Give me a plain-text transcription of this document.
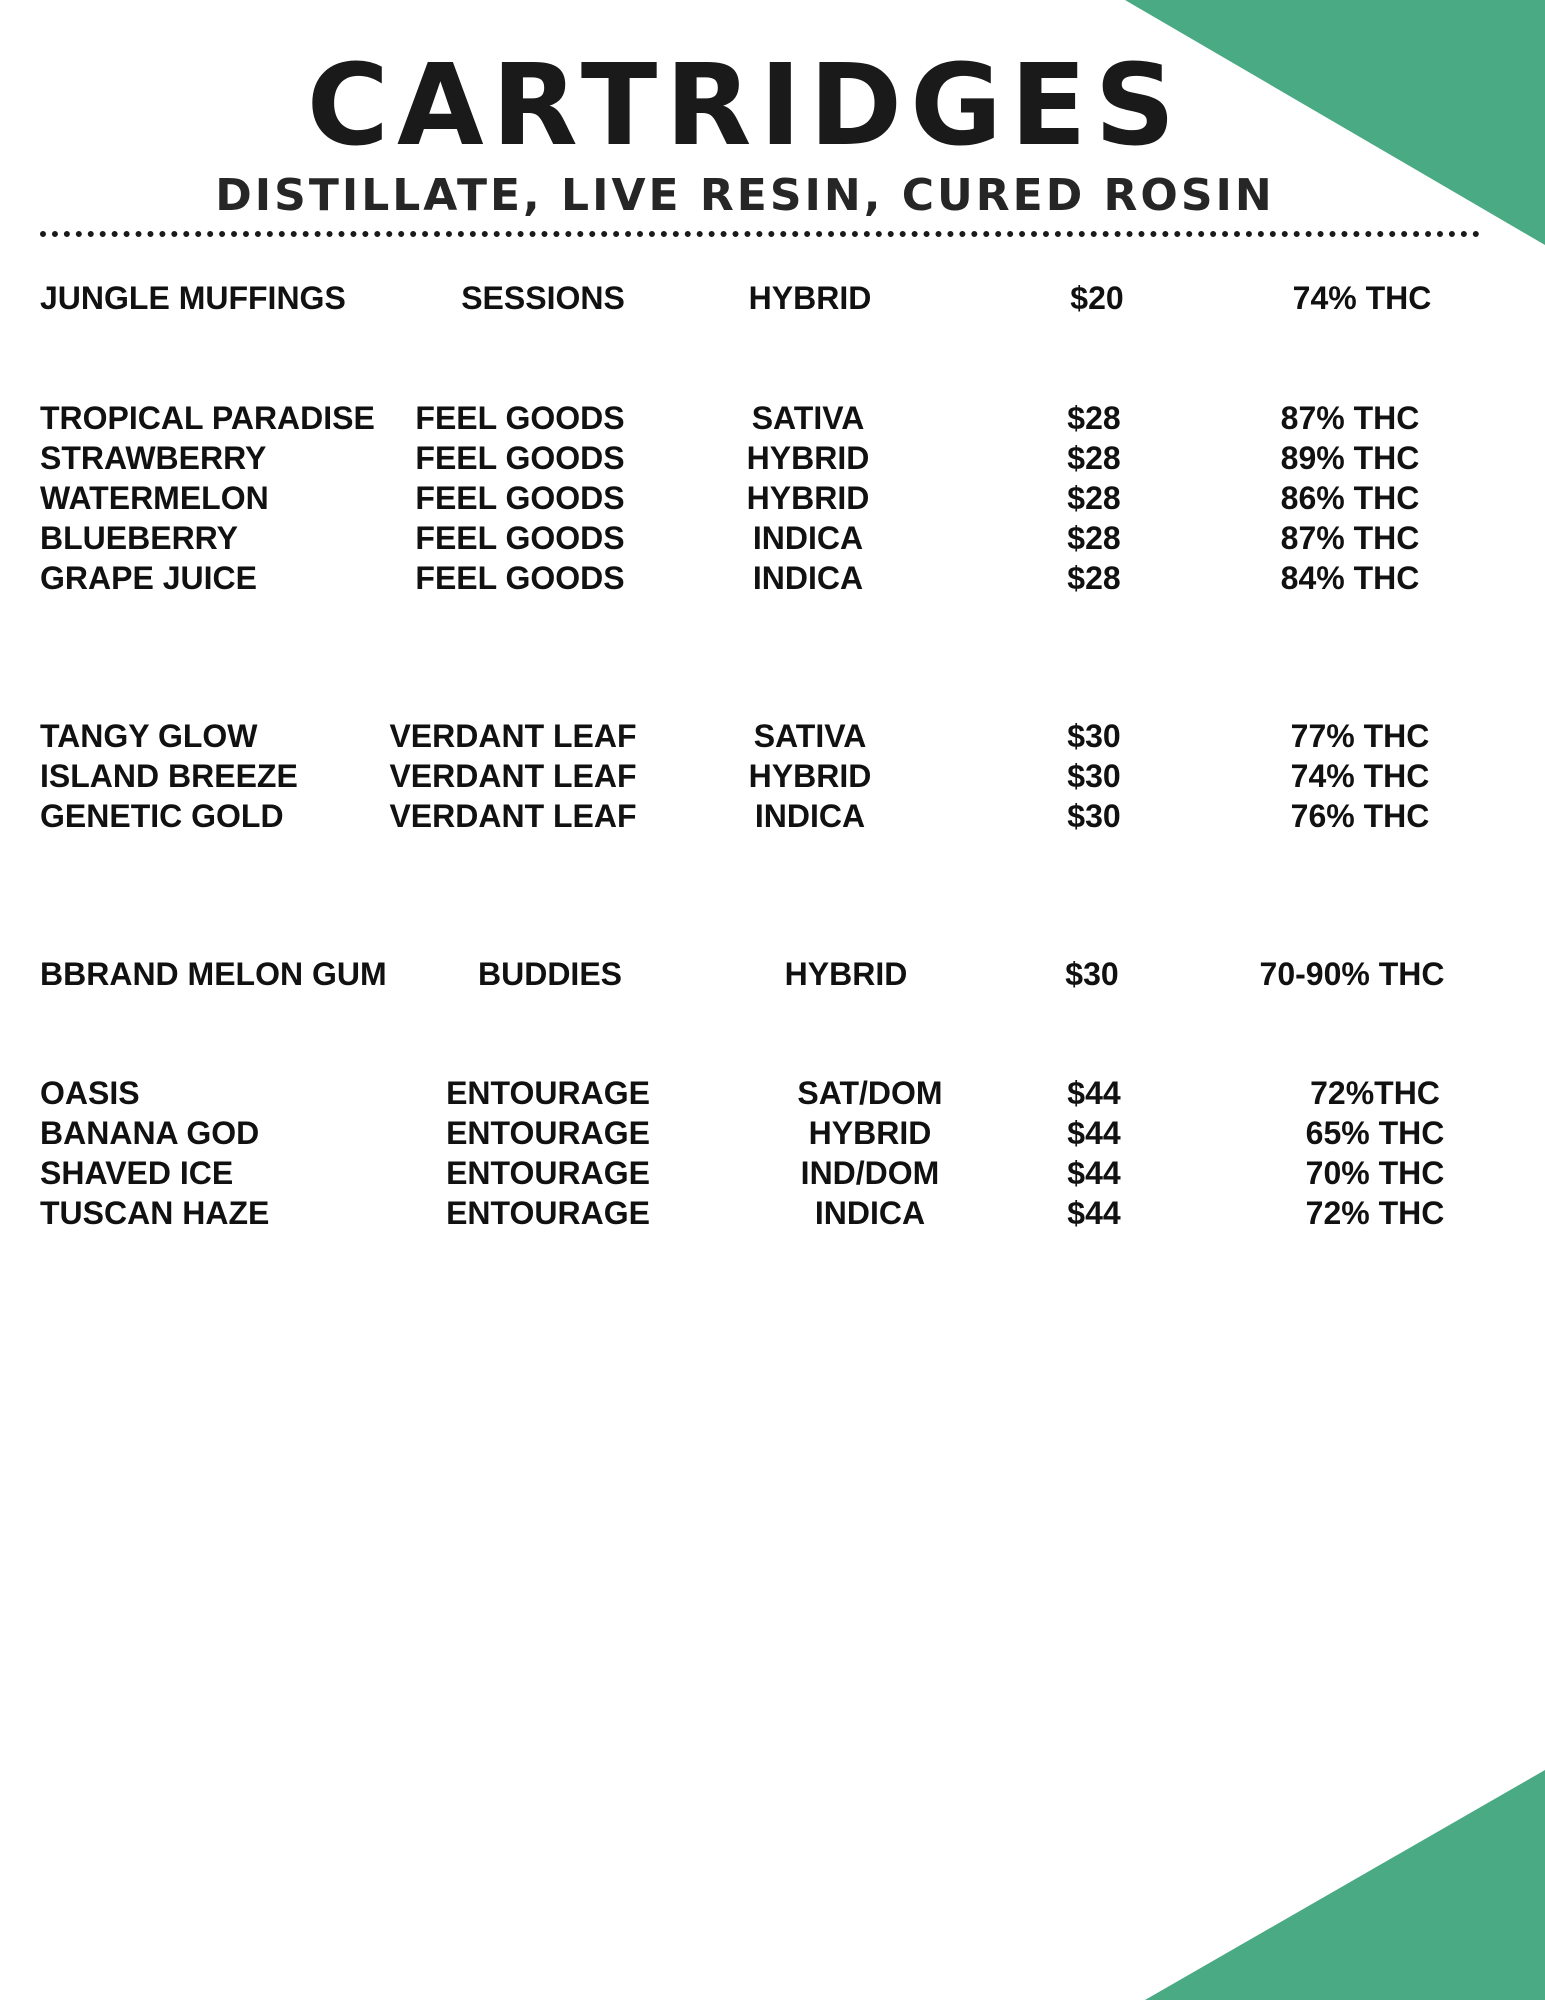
CARTRIDGES
DISTILLATE, LIVE RESIN, CURED ROSIN
JUNGLE MUFFINGS	SESSIONS	HYBRID	$20	74% THC
TROPICAL PARADISE	FEEL GOODS	SATIVA	$28	87% THC
STRAWBERRY	FEEL GOODS	HYBRID	$28	89% THC
WATERMELON	FEEL GOODS	HYBRID	$28	86% THC
BLUEBERRY	FEEL GOODS	INDICA	$28	87% THC
GRAPE JUICE	FEEL GOODS	INDICA	$28	84% THC
TANGY GLOW	VERDANT LEAF	SATIVA	$30	77% THC
ISLAND BREEZE	VERDANT LEAF	HYBRID	$30	74% THC
GENETIC GOLD	VERDANT LEAF	INDICA	$30	76% THC
BBRAND MELON GUM	BUDDIES	HYBRID	$30	70-90% THC
OASIS	ENTOURAGE	SAT/DOM	$44	72%THC
BANANA GOD	ENTOURAGE	HYBRID	$44	65% THC
SHAVED ICE	ENTOURAGE	IND/DOM	$44	70% THC
TUSCAN HAZE	ENTOURAGE	INDICA	$44	72% THC
